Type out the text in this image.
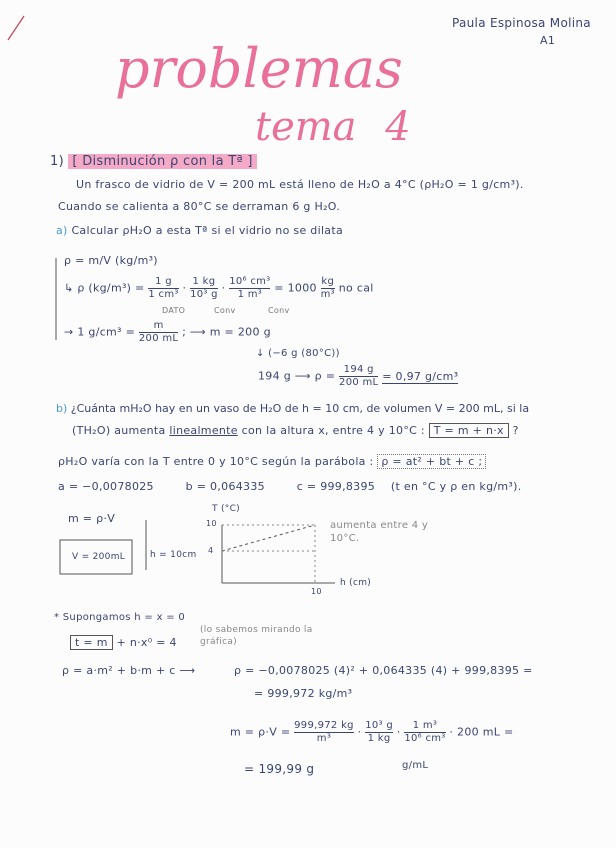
Paula Espinosa Molina
A1
problemas
tema 4
1) [ Disminución ρ con la Tª ]
Un frasco de vidrio de V = 200 mL está lleno de H₂O a 4°C (ρH₂O = 1 g/cm³).
Cuando se calienta a 80°C se derraman 6 g H₂O.
a) Calcular ρH₂O a esta Tª si el vidrio no se dilata
ρ = m/V (kg/m³)
↳ ρ $(kg/m^3) = \frac{1 g}{\text{1 cm³}} \cdot \frac{1 kg}{\text{10³ g}} \cdot \frac{\text{10⁶ cm³}}{\text{1 m³}} = 1000 \frac{kg}{\text{m³}}$ no cal
DATO	Conv	Conv
→ 1 $g/cm^3 = \frac{m}{200 mL}$ ; ⟶ m = 200 g
↓ (−6 g (80°C))
194 g ⟶ $\rho = \frac{194 g}{200 mL} = 0,97$ g/cm³
b) ¿Cuánta mH₂O hay en un vaso de H₂O de h = 10 cm, de volumen V = 200 mL, si la
(TH₂O) aumenta linealmente con la altura x, entre 4 y 10°C : T = m + n·x ?
ρH₂O varía con la T entre 0 y 10°C según la parábola : ρ = at² + bt + c ;
a = −0,0078025	b = 0,064335	c = 999,8395 (t en °C y ρ en kg/m³).
m = ρ·V
V = 200mL	h = 10cm
T (°C)
10
4
10
h (cm)
aumenta entre 4 y 10°C.
* Supongamos h = x = 0
t = m + n·x⁰ = 4
(lo sabemos mirando la gráfica)
ρ = a·m² + b·m + c ⟶	ρ = −0,0078025 (4)² + 0,064335 (4) + 999,8395 =
= 999,972 kg/m³
$m = \rho\cdot V = \frac{999,972 kg}{\text{m³}} \cdot \frac{\text{10³ g}}{1 kg} \cdot \frac{\text{1 m³}}{\text{10⁶ cm³}} \cdot 200$ mL =
g/mL
= 199,99 g
